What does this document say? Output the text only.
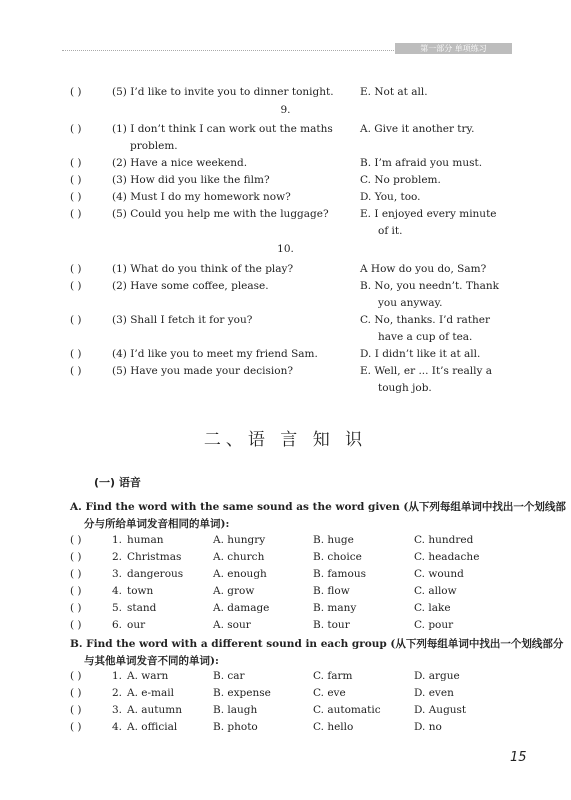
第一部分 单项练习
( )	(5) I’d like to invite you to dinner tonight.	E. Not at all.
9.
( )	(1) I don’t think I can work out the maths	A. Give it another try.
problem.
( )	(2) Have a nice weekend.	B. I’m afraid you must.
( )	(3) How did you like the film?	C. No problem.
( )	(4) Must I do my homework now?	D. You, too.
( )	(5) Could you help me with the luggage?	E. I enjoyed every minute
of it.
10.
( )	(1) What do you think of the play?	A How do you do, Sam?
( )	(2) Have some coffee, please.	B. No, you needn’t. Thank
you anyway.
( )	(3) Shall I fetch it for you?	C. No, thanks. I’d rather
have a cup of tea.
( )	(4) I’d like you to meet my friend Sam.	D. I didn’t like it at all.
( )	(5) Have you made your decision?	E. Well, er ... It’s really a
tough job.
二、语 言 知 识
(一) 语音
A. Find the word with the same sound as the word given (从下列每组单词中找出一个划线部
分与所给单词发音相同的单词):
( )	1. human	A. hungry	B. huge	C. hundred
( )	2. Christmas	A. church	B. choice	C. headache
( )	3. dangerous	A. enough	B. famous	C. wound
( )	4. town	A. grow	B. flow	C. allow
( )	5. stand	A. damage	B. many	C. lake
( )	6. our	A. sour	B. tour	C. pour
B. Find the word with a different sound in each group (从下列每组单词中找出一个划线部分
与其他单词发音不同的单词):
( )	1. A. warn	B. car	C. farm	D. argue
( )	2. A. e-mail	B. expense	C. eve	D. even
( )	3. A. autumn	B. laugh	C. automatic	D. August
( )	4. A. official	B. photo	C. hello	D. no
15
